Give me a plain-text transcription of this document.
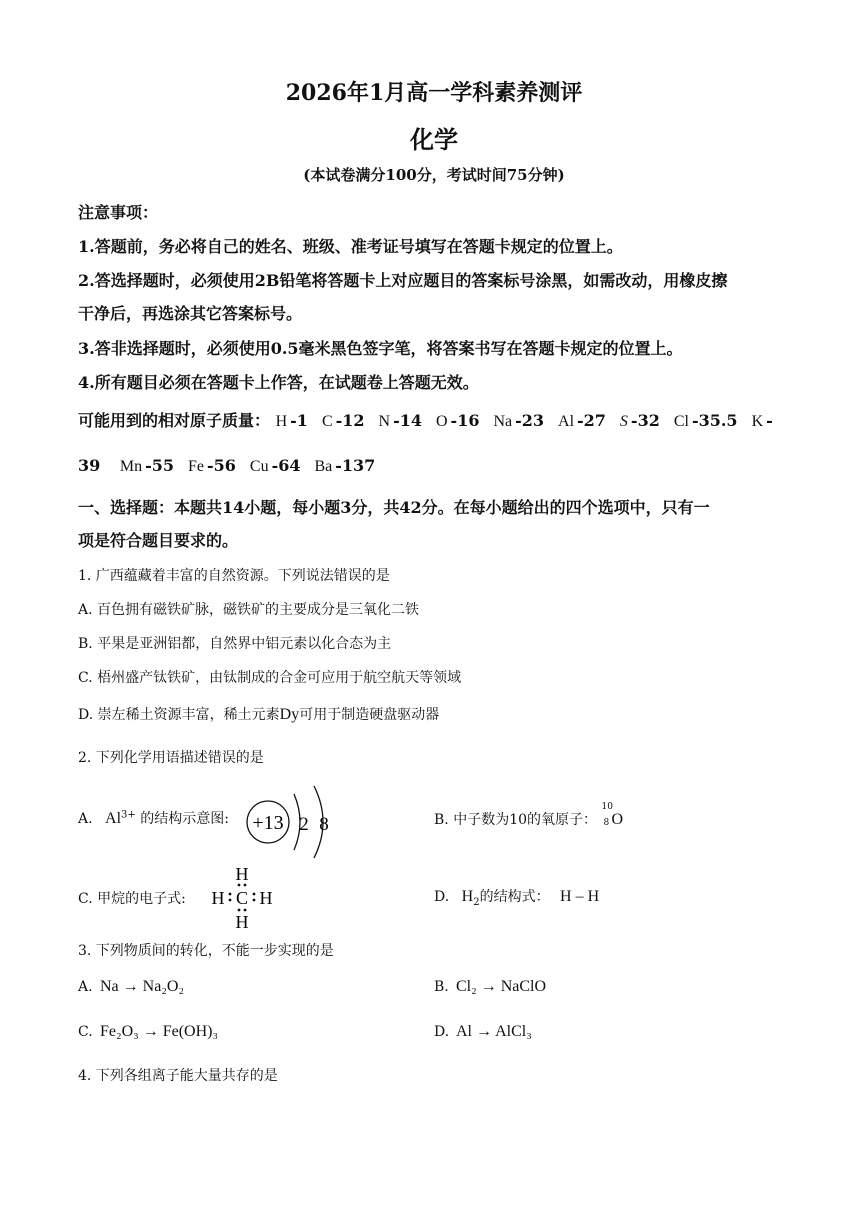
2026年1月高一学科素养测评
化学
(本试卷满分100分，考试时间75分钟)
注意事项：
1.答题前，务必将自己的姓名、班级、准考证号填写在答题卡规定的位置上。
2.答选择题时，必须使用2B铅笔将答题卡上对应题目的答案标号涂黑，如需改动，用橡皮擦
干净后，再选涂其它答案标号。
3.答非选择题时，必须使用0.5毫米黑色签字笔，将答案书写在答题卡规定的位置上。
4.所有题目必须在答题卡上作答，在试题卷上答题无效。
可能用到的相对原子质量： H -1 C -12 N -14 O -16 Na -23 Al -27 S -32 Cl -35.5 K -
39 Mn -55 Fe -56 Cu -64 Ba -137
一、选择题：本题共14小题，每小题3分，共42分。在每小题给出的四个选项中，只有一
项是符合题目要求的。
1. 广西蕴藏着丰富的自然资源。下列说法错误的是
A. 百色拥有磁铁矿脉，磁铁矿的主要成分是三氧化二铁
B. 平果是亚洲铝都，自然界中铝元素以化合态为主
C. 梧州盛产钛铁矿，由钛制成的合金可应用于航空航天等领域
D. 崇左稀土资源丰富，稀土元素Dy可用于制造硬盘驱动器
2. 下列化学用语描述错误的是
A. $Al^{3+}$ 的结构示意图: +13 2 8	B. 中子数为10的氧原子：
10
8 O
C. 甲烷的电子式:
H
H C H
H
D. $H_2$的结构式： H – H
3. 下列物质间的转化，不能一步实现的是
A. Na → Na₂O₂	B. Cl₂ → NaClO
C. Fe₂O₃ → Fe(OH)₃	D. Al → AlCl₃
4. 下列各组离子能大量共存的是
